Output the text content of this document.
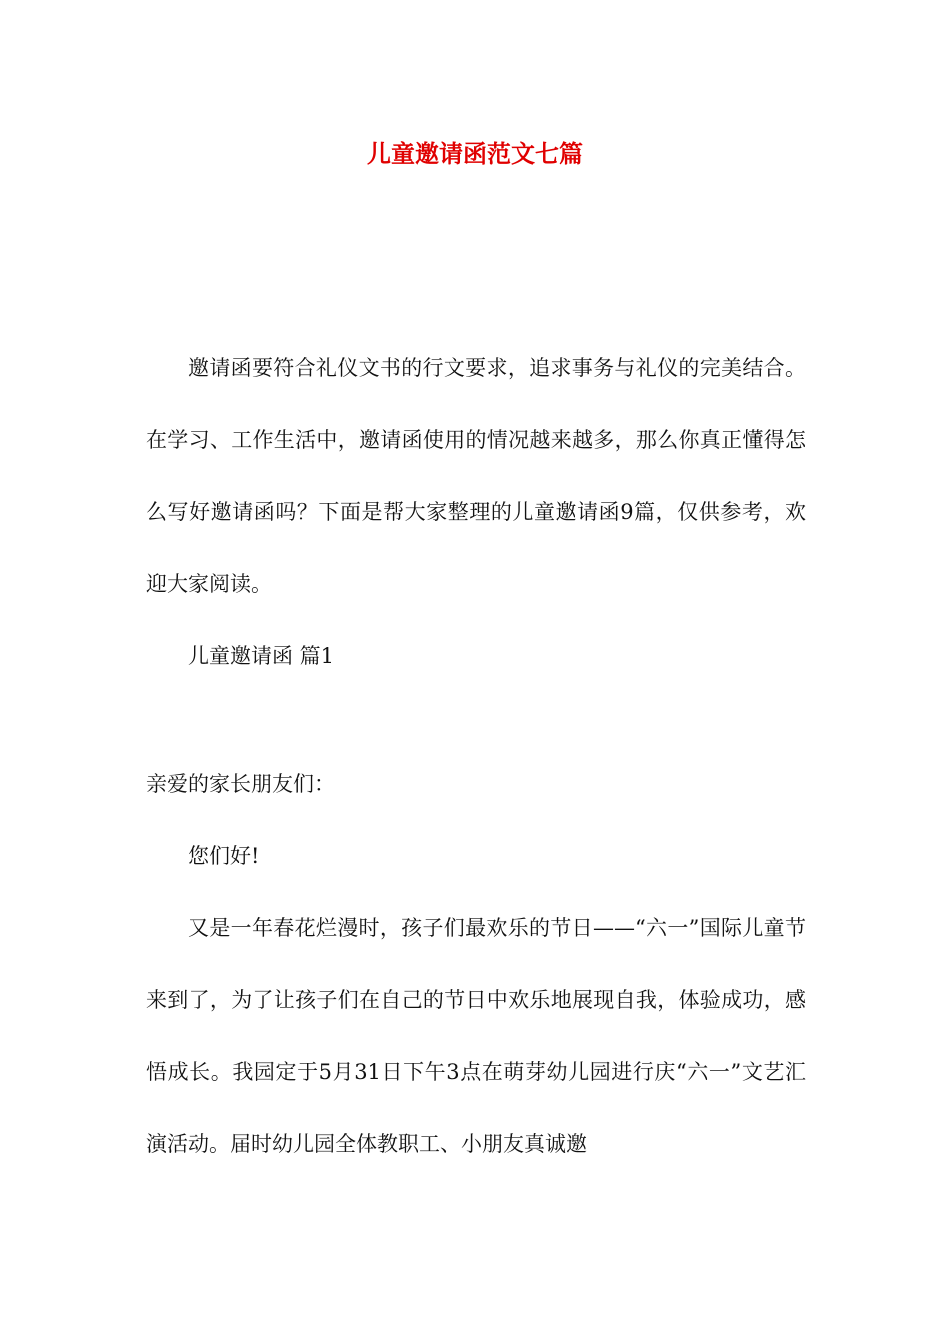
儿童邀请函范文七篇

邀请函要符合礼仪文书的行文要求，追求事务与礼仪的完美结合。在学习、工作生活中，邀请函使用的情况越来越多，那么你真正懂得怎么写好邀请函吗？下面是帮大家整理的儿童邀请函9篇，仅供参考，欢迎大家阅读。

儿童邀请函 篇1

亲爱的家长朋友们：

您们好!

又是一年春花烂漫时，孩子们最欢乐的节日——“六一”国际儿童节来到了，为了让孩子们在自己的节日中欢乐地展现自我，体验成功，感悟成长。我园定于5月31日下午3点在萌芽幼儿园进行庆“六一”文艺汇演活动。届时幼儿园全体教职工、小朋友真诚邀
